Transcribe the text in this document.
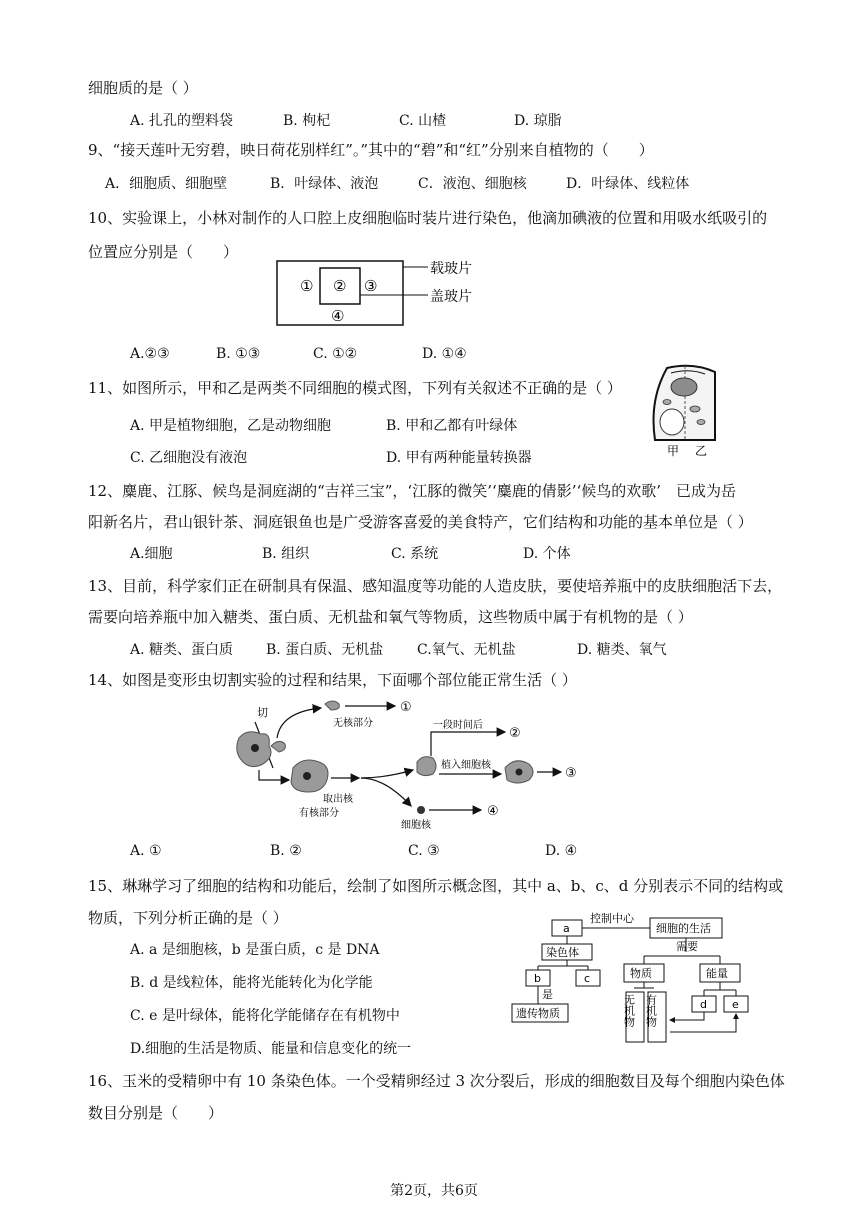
细胞质的是（ ）
A. 扎孔的塑料袋	B. 枸杞	C. 山楂	D. 琼脂
9、“接天莲叶无穷碧，映日荷花别样红”。”其中的“碧”和“红”分别来自植物的（　　）
A．细胞质、细胞壁	B．叶绿体、液泡	C．液泡、细胞核	D．叶绿体、线粒体
10、实验课上，小林对制作的人口腔上皮细胞临时装片进行染色，他滴加碘液的位置和用吸水纸吸引的
位置应分别是（　　）
① ② ③
④
载玻片
盖玻片
A.②③	B. ①③	C. ①②	D. ①④
11、如图所示，甲和乙是两类不同细胞的模式图，下列有关叙述不正确的是（ ）
A. 甲是植物细胞，乙是动物细胞	B. 甲和乙都有叶绿体
C. 乙细胞没有液泡	D. 甲有两种能量转换器	甲 乙
12、麋鹿、江豚、候鸟是洞庭湖的“吉祥三宝”，‘江豚的微笑’‘麋鹿的倩影’‘候鸟的欢歌’　已成为岳
阳新名片，君山银针茶、洞庭银鱼也是广受游客喜爱的美食特产，它们结构和功能的基本单位是（ ）
A.细胞	B. 组织	C. 系统	D. 个体
13、目前，科学家们正在研制具有保温、感知温度等功能的人造皮肤，要使培养瓶中的皮肤细胞活下去，
需要向培养瓶中加入糖类、蛋白质、无机盐和氧气等物质，这些物质中属于有机物的是（ ）
A. 糖类、蛋白质 B. 蛋白质、无机盐 C.氧气、无机盐	D. 糖类、氧气
14、如图是变形虫切割实验的过程和结果，下面哪个部位能正常生活（ ）
切
无核部分
①
有核部分
取出核
一段时间后
②
植入细胞核
③
细胞核
④
A. ①	B. ②	C. ③	D. ④
15、琳琳学习了细胞的结构和功能后，绘制了如图所示概念图，其中 a、b、c、d 分别表示不同的结构或
物质，下列分析正确的是（ ）
A. a 是细胞核，b 是蛋白质，c 是 DNA
B. d 是线粒体，能将光能转化为化学能
C. e 是叶绿体，能将化学能储存在有机物中
D.细胞的生活是物质、能量和信息变化的统一
a
控制中心
细胞的生活
染色体
b	c
是
遗传物质
需要
物质	能量
无机物 有机物	d e
16、玉米的受精卵中有 10 条染色体。一个受精卵经过 3 次分裂后，形成的细胞数目及每个细胞内染色体
数目分别是（　　）
第2页，共6页
